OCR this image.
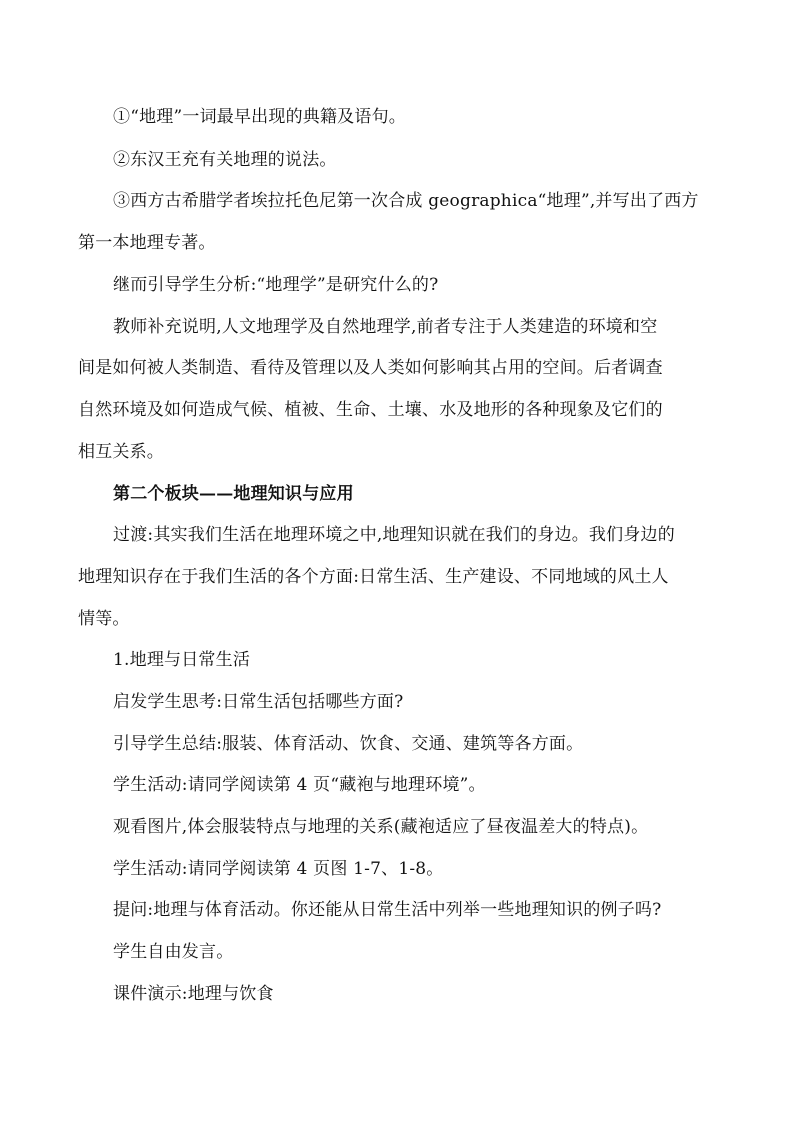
①“地理”一词最早出现的典籍及语句。
②东汉王充有关地理的说法。
③西方古希腊学者埃拉托色尼第一次合成 geographica“地理”,并写出了西方
第一本地理专著。
继而引导学生分析:“地理学”是研究什么的?
教师补充说明,人文地理学及自然地理学,前者专注于人类建造的环境和空
间是如何被人类制造、看待及管理以及人类如何影响其占用的空间。后者调查
自然环境及如何造成气候、植被、生命、土壤、水及地形的各种现象及它们的
相互关系。
第二个板块——地理知识与应用
过渡:其实我们生活在地理环境之中,地理知识就在我们的身边。我们身边的
地理知识存在于我们生活的各个方面:日常生活、生产建设、不同地域的风土人
情等。
1.地理与日常生活
启发学生思考:日常生活包括哪些方面?
引导学生总结:服装、体育活动、饮食、交通、建筑等各方面。
学生活动:请同学阅读第 4 页“藏袍与地理环境”。
观看图片,体会服装特点与地理的关系(藏袍适应了昼夜温差大的特点)。
学生活动:请同学阅读第 4 页图 1-7、1-8。
提问:地理与体育活动。你还能从日常生活中列举一些地理知识的例子吗?
学生自由发言。
课件演示:地理与饮食
